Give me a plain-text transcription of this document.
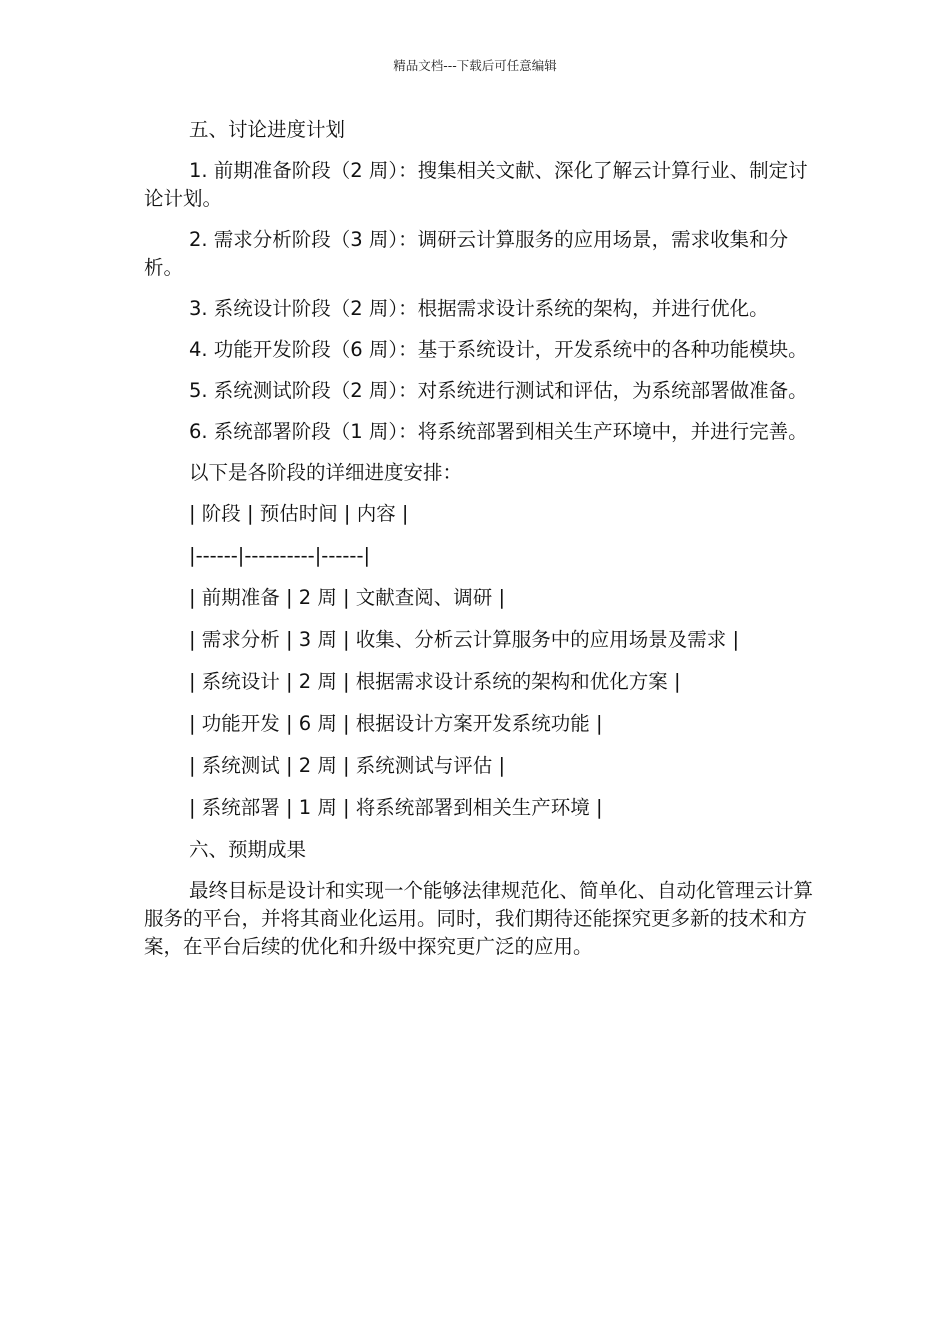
精品文档---下载后可任意编辑

五、讨论进度计划

1. 前期准备阶段（2 周）：搜集相关文献、深化了解云计算行业、制定讨论计划。

2. 需求分析阶段（3 周）：调研云计算服务的应用场景，需求收集和分析。

3. 系统设计阶段（2 周）：根据需求设计系统的架构，并进行优化。

4. 功能开发阶段（6 周）：基于系统设计，开发系统中的各种功能模块。

5. 系统测试阶段（2 周）：对系统进行测试和评估，为系统部署做准备。

6. 系统部署阶段（1 周）：将系统部署到相关生产环境中，并进行完善。

以下是各阶段的详细进度安排：

| 阶段 | 预估时间 | 内容 |
|------|----------|------|
| 前期准备 | 2 周 | 文献查阅、调研 |
| 需求分析 | 3 周 | 收集、分析云计算服务中的应用场景及需求 |
| 系统设计 | 2 周 | 根据需求设计系统的架构和优化方案 |
| 功能开发 | 6 周 | 根据设计方案开发系统功能 |
| 系统测试 | 2 周 | 系统测试与评估 |
| 系统部署 | 1 周 | 将系统部署到相关生产环境 |

六、预期成果

最终目标是设计和实现一个能够法律规范化、简单化、自动化管理云计算服务的平台，并将其商业化运用。同时，我们期待还能探究更多新的技术和方案，在平台后续的优化和升级中探究更广泛的应用。
